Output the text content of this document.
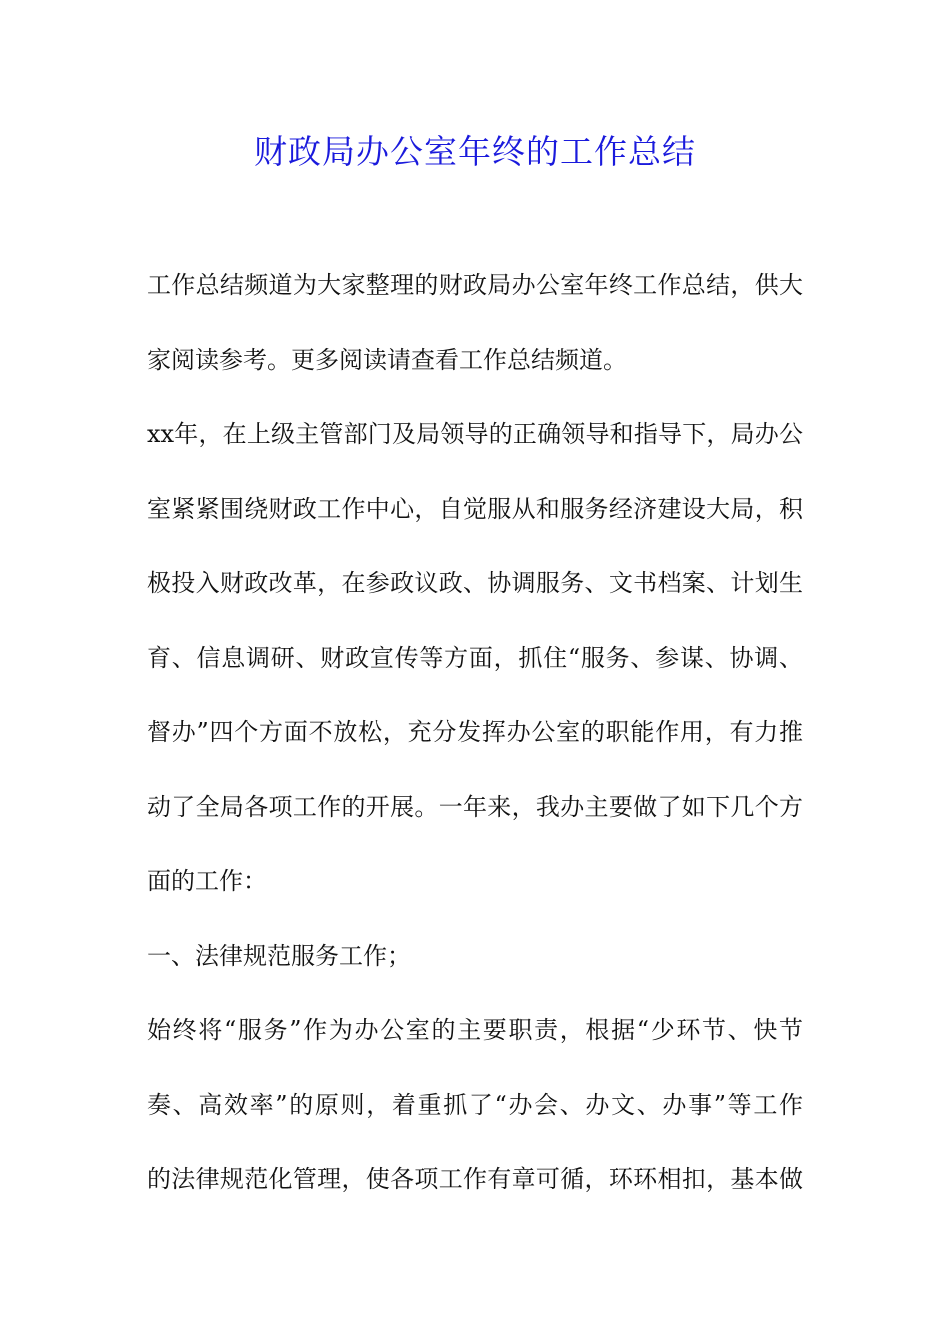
财政局办公室年终的工作总结
工作总结频道为大家整理的财政局办公室年终工作总结，供大
家阅读参考。更多阅读请查看工作总结频道。
xx年，在上级主管部门及局领导的正确领导和指导下，局办公
室紧紧围绕财政工作中心，自觉服从和服务经济建设大局，积
极投入财政改革，在参政议政、协调服务、文书档案、计划生
育、信息调研、财政宣传等方面，抓住“服务、参谋、协调、
督办”四个方面不放松，充分发挥办公室的职能作用，有力推
动了全局各项工作的开展。一年来，我办主要做了如下几个方
面的工作：
一、法律规范服务工作；
始终将“服务”作为办公室的主要职责，根据“少环节、快节
奏、高效率”的原则，着重抓了“办会、办文、办事”等工作
的法律规范化管理，使各项工作有章可循，环环相扣，基本做
